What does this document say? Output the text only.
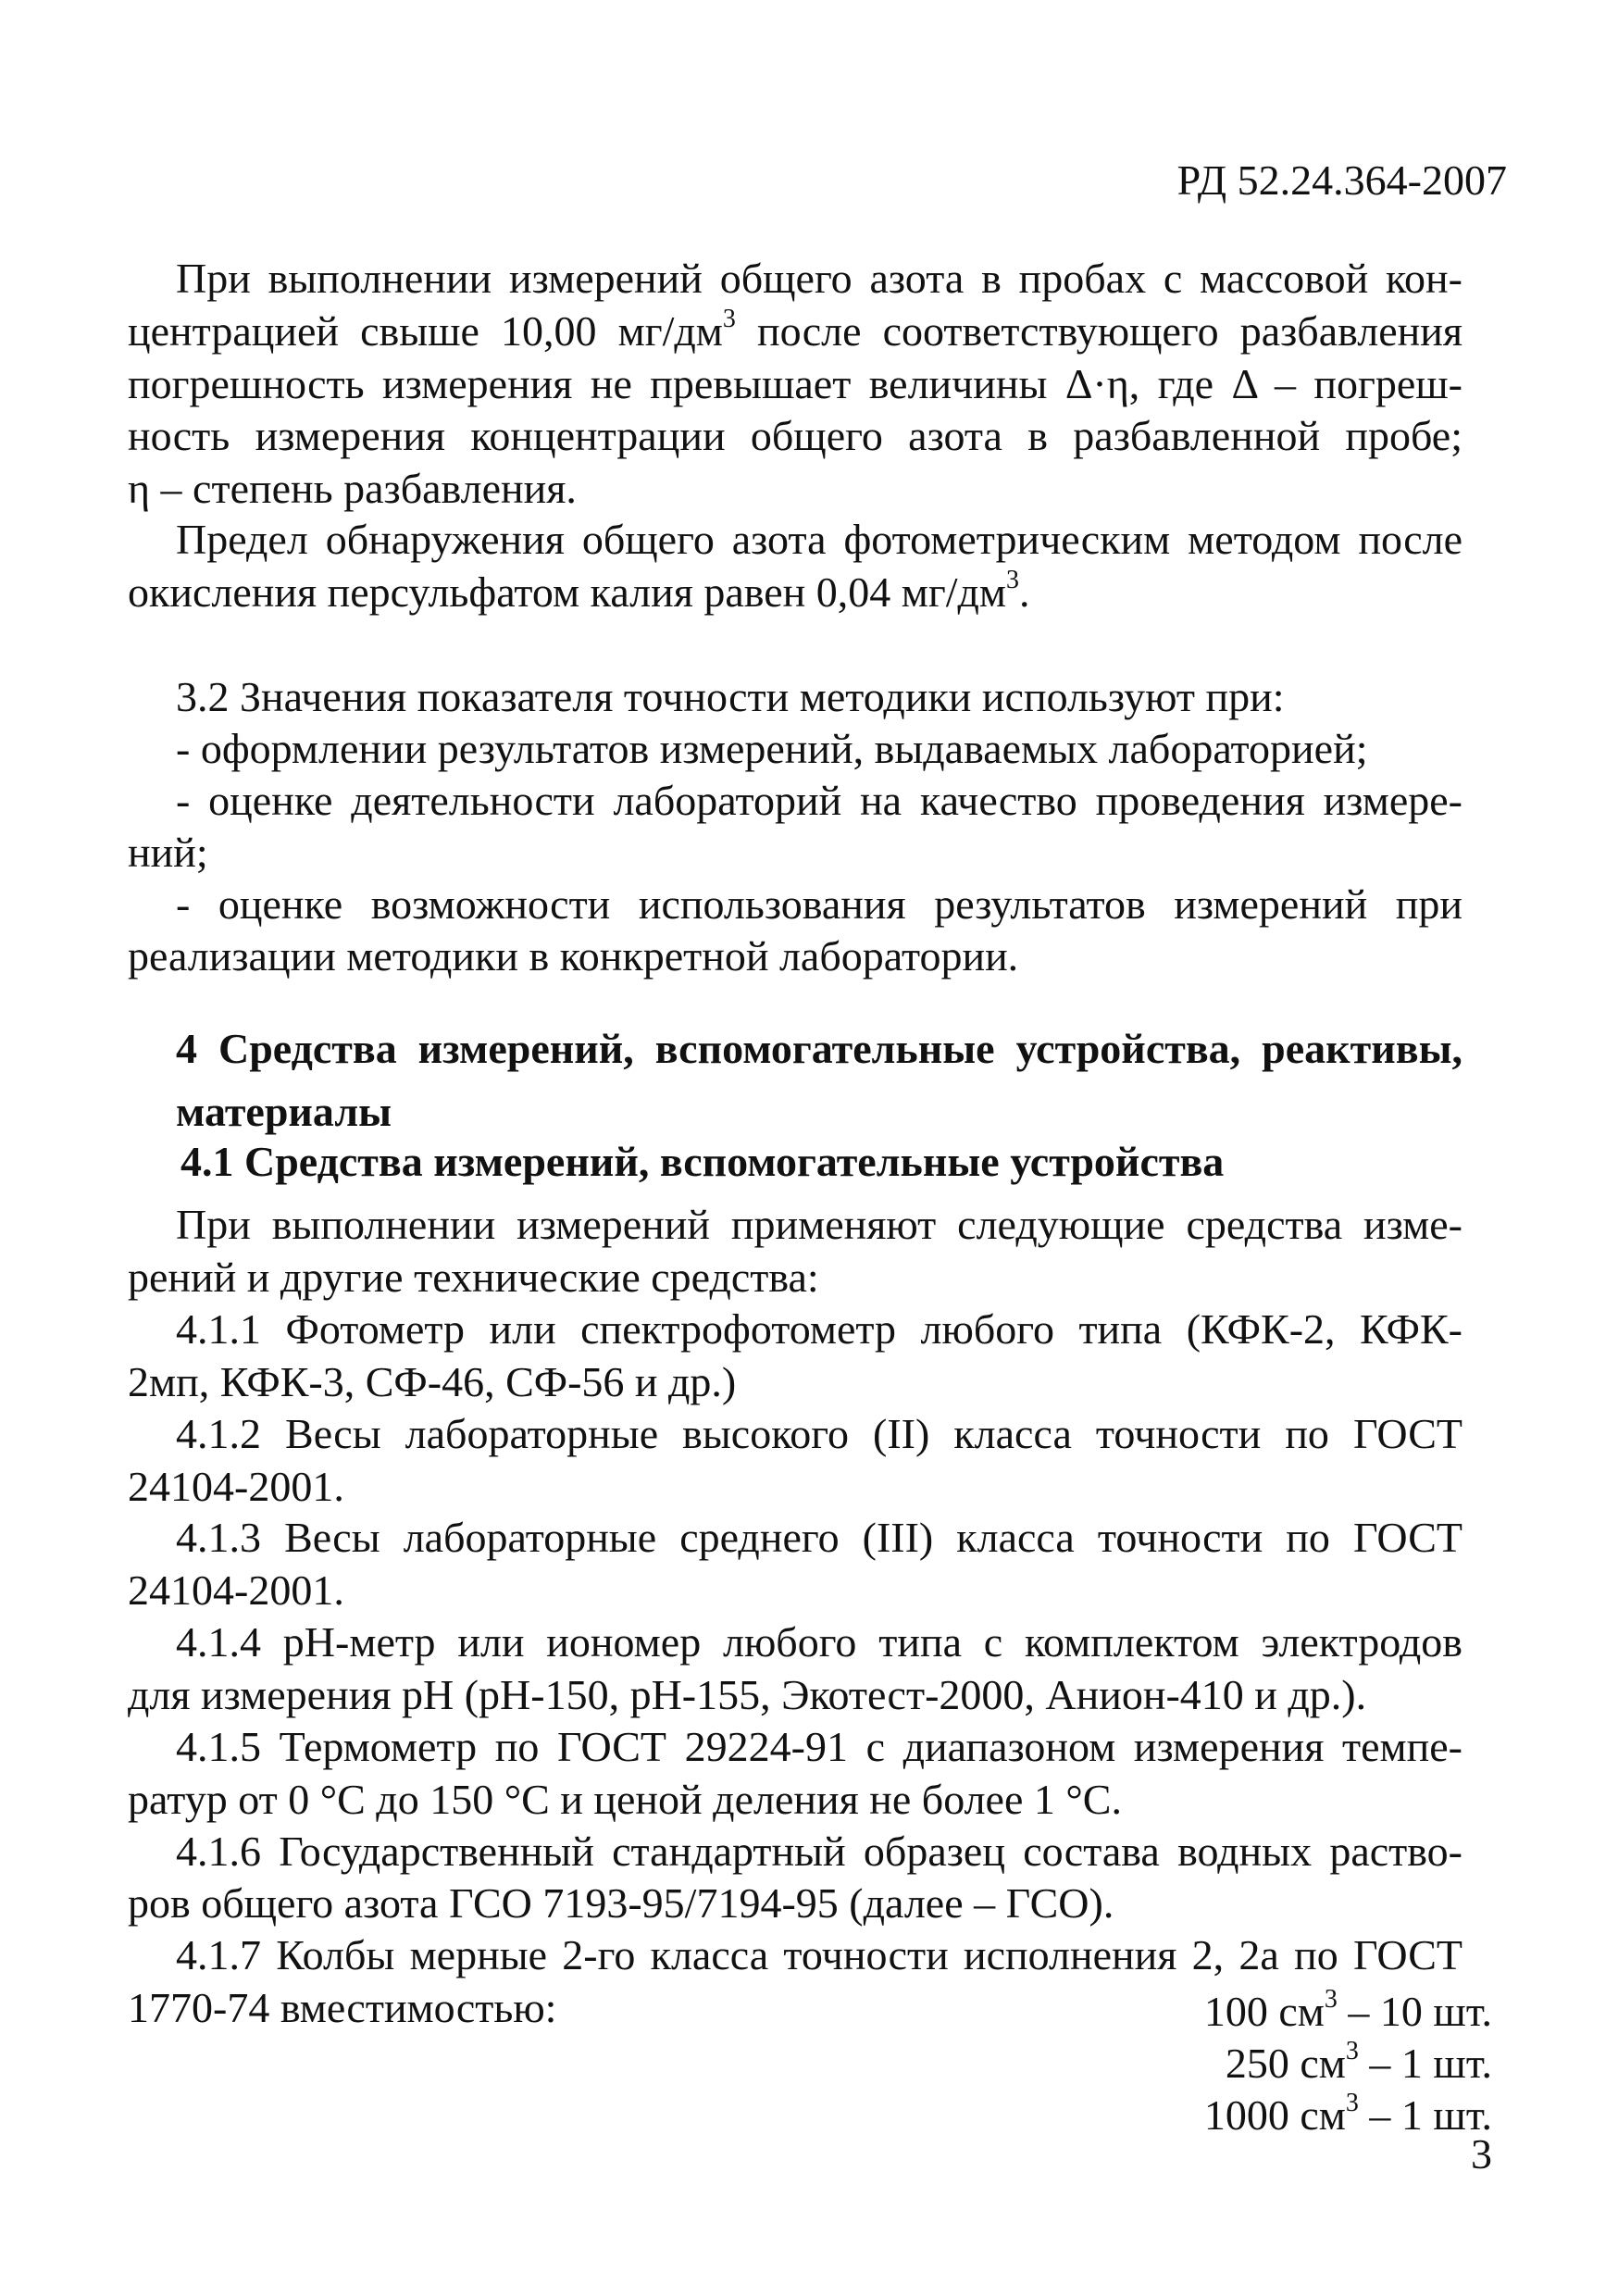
РД 52.24.364-2007
При выполнении измерений общего азота в пробах с массовой кон-
центрацией свыше 10,00 $мг/дм^3$ после соответствующего разбавления
погрешность измерения не превышает величины Δ·η, где Δ – погреш-
ность измерения концентрации общего азота в разбавленной пробе;
η – степень разбавления.
Предел обнаружения общего азота фотометрическим методом после
окисления персульфатом калия равен 0,04 $мг/дм^3$.
3.2 Значения показателя точности методики используют при:
- оформлении результатов измерений, выдаваемых лабораторией;
- оценке деятельности лабораторий на качество проведения измере-
ний;
- оценке возможности использования результатов измерений при
реализации методики в конкретной лаборатории.
4 Средства измерений, вспомогательные устройства, реактивы,
материалы
4.1 Средства измерений, вспомогательные устройства
При выполнении измерений применяют следующие средства изме-
рений и другие технические средства:
4.1.1 Фотометр или спектрофотометр любого типа (КФК-2, КФК-
2мп, КФК-3, СФ-46, СФ-56 и др.)
4.1.2 Весы лабораторные высокого (II) класса точности по ГОСТ
24104-2001.
4.1.3 Весы лабораторные среднего (III) класса точности по ГОСТ
24104-2001.
4.1.4 pH-метр или иономер любого типа с комплектом электродов
для измерения pH (pH-150, pH-155, Экотест-2000, Анион-410 и др.).
4.1.5 Термометр по ГОСТ 29224-91 с диапазоном измерения темпе-
ратур от 0 °С до 150 °С и ценой деления не более 1 °С.
4.1.6 Государственный стандартный образец состава водных раство-
ров общего азота ГСО 7193-95/7194-95 (далее – ГСО).
4.1.7 Колбы мерные 2-го класса точности исполнения 2, 2а по ГОСТ
1770-74 вместимостью:	100 $см^3 - 10$ шт.
250 $см^3 - 1$ шт.
1000 $см^3 - 1$ шт.
3
